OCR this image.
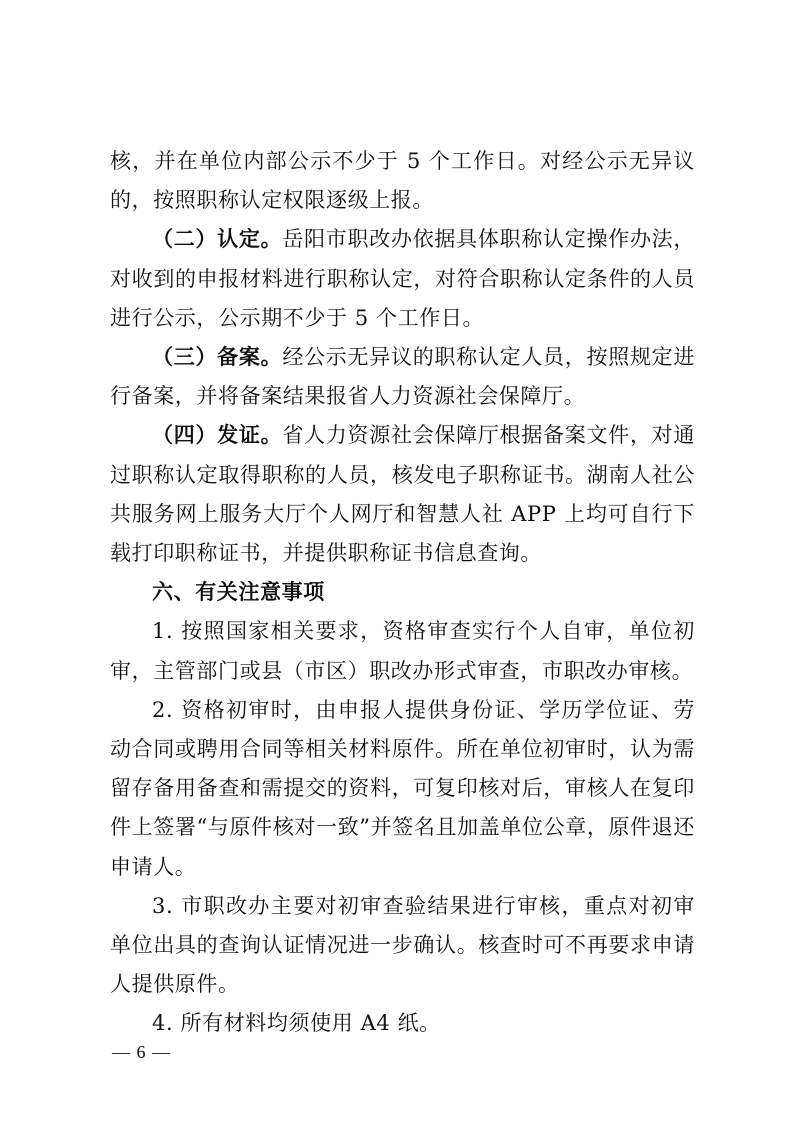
核，并在单位内部公示不少于 5 个工作日。对经公示无异议的，按照职称认定权限逐级上报。

（二）认定。岳阳市职改办依据具体职称认定操作办法，对收到的申报材料进行职称认定，对符合职称认定条件的人员进行公示，公示期不少于 5 个工作日。

（三）备案。经公示无异议的职称认定人员，按照规定进行备案，并将备案结果报省人力资源社会保障厅。

（四）发证。省人力资源社会保障厅根据备案文件，对通过职称认定取得职称的人员，核发电子职称证书。湖南人社公共服务网上服务大厅个人网厅和智慧人社 APP 上均可自行下载打印职称证书，并提供职称证书信息查询。

六、有关注意事项

1. 按照国家相关要求，资格审查实行个人自审，单位初审，主管部门或县（市区）职改办形式审查，市职改办审核。

2. 资格初审时，由申报人提供身份证、学历学位证、劳动合同或聘用合同等相关材料原件。所在单位初审时，认为需留存备用备查和需提交的资料，可复印核对后，审核人在复印件上签署“与原件核对一致”并签名且加盖单位公章，原件退还申请人。

3. 市职改办主要对初审查验结果进行审核，重点对初审单位出具的查询认证情况进一步确认。核查时可不再要求申请人提供原件。

4. 所有材料均须使用 A4 纸。

— 6 —
